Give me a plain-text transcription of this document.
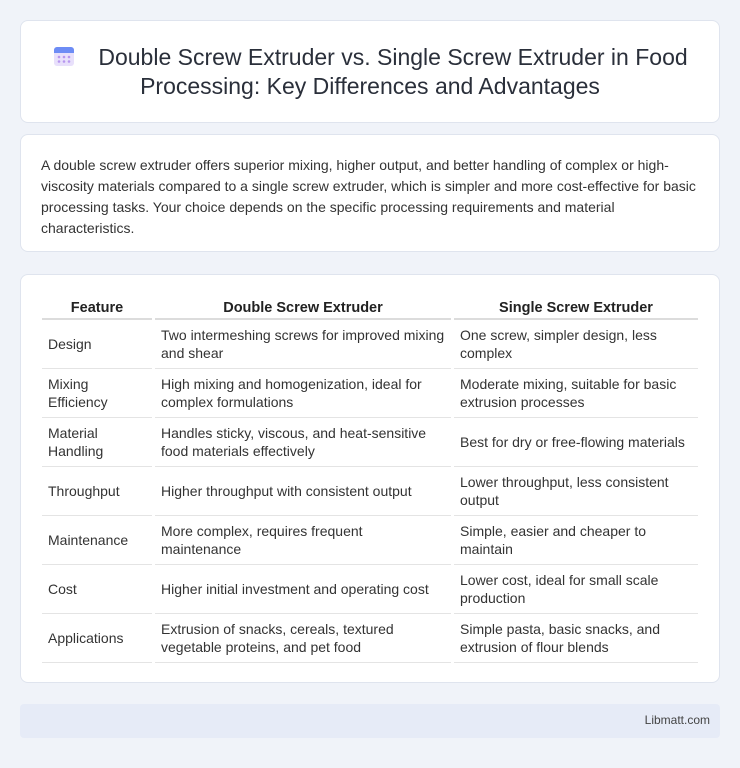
Double Screw Extruder vs. Single Screw Extruder in Food Processing: Key Differences and Advantages

A double screw extruder offers superior mixing, higher output, and better handling of complex or high-viscosity materials compared to a single screw extruder, which is simpler and more cost-effective for basic processing tasks. Your choice depends on the specific processing requirements and material characteristics.

Feature		Double Screw Extruder		Single Screw Extruder
Design		Two intermeshing screws for improved mixing and shear		One screw, simpler design, less complex
Mixing Efficiency		High mixing and homogenization, ideal for complex formulations		Moderate mixing, suitable for basic extrusion processes
Material Handling		Handles sticky, viscous, and heat-sensitive food materials effectively		Best for dry or free-flowing materials
Throughput		Higher throughput with consistent output		Lower throughput, less consistent output
Maintenance		More complex, requires frequent maintenance		Simple, easier and cheaper to maintain
Cost		Higher initial investment and operating cost		Lower cost, ideal for small scale production
Applications		Extrusion of snacks, cereals, textured vegetable proteins, and pet food		Simple pasta, basic snacks, and extrusion of flour blends
Libmatt.com
